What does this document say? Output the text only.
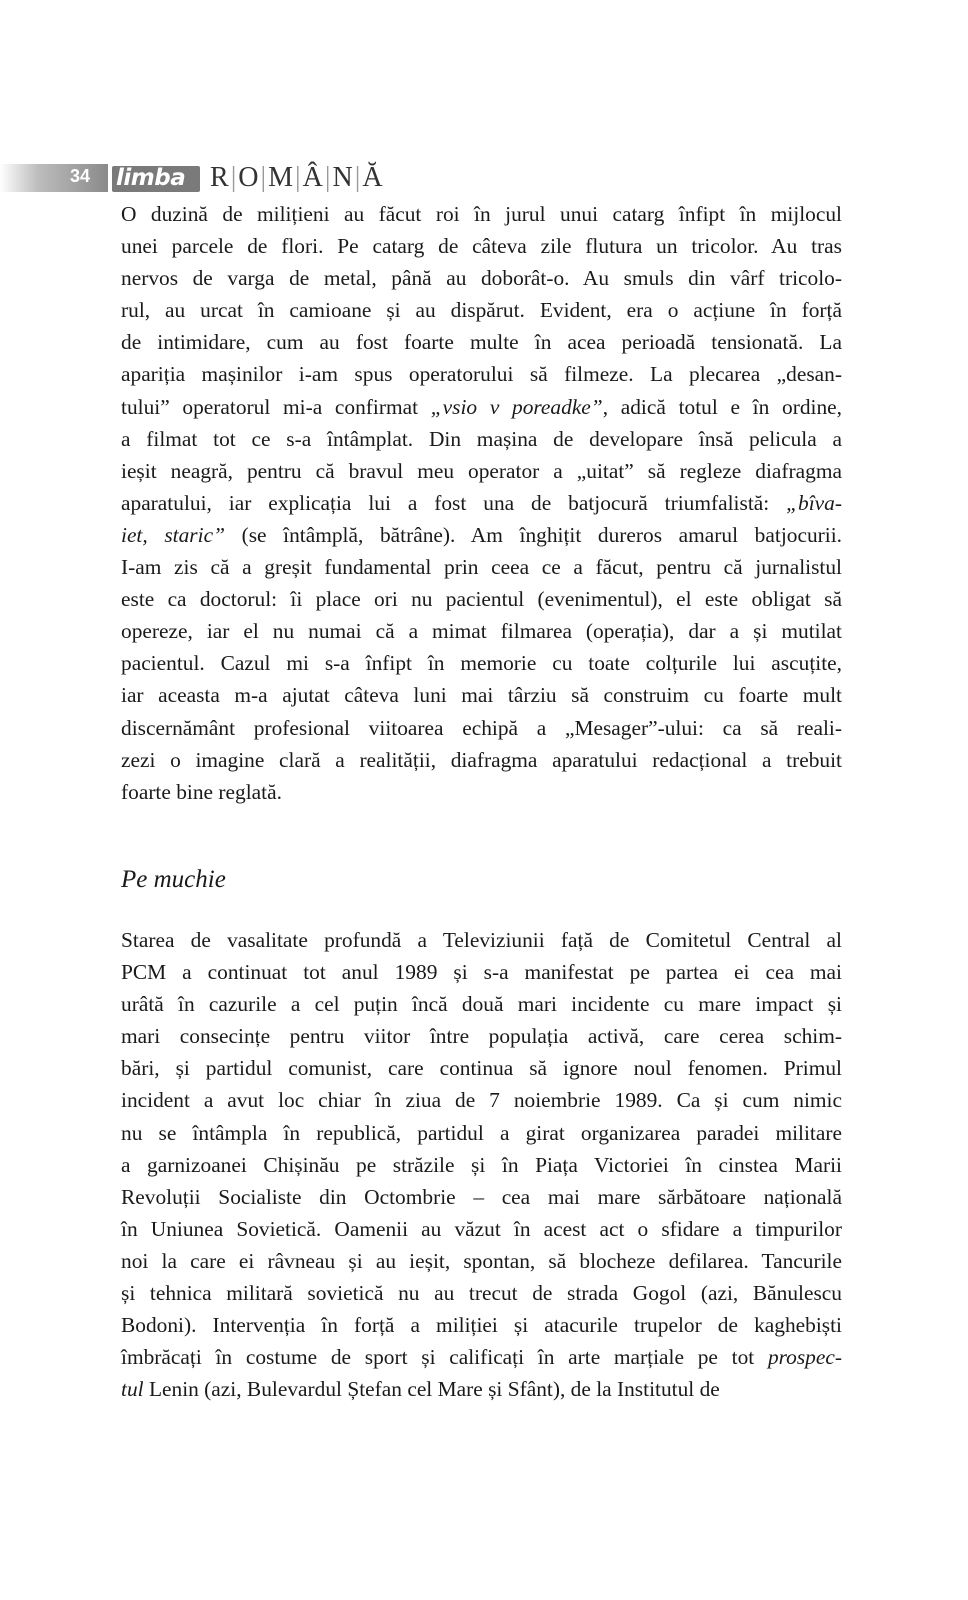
34 limba R|O|M|Â|N|Ă

O duzină de milițieni au făcut roi în jurul unui catarg înfipt în mijlocul
unei parcele de flori. Pe catarg de câteva zile flutura un tricolor. Au tras
nervos de varga de metal, până au doborât-o. Au smuls din vârf tricolo-
rul, au urcat în camioane și au dispărut. Evident, era o acțiune în forță
de intimidare, cum au fost foarte multe în acea perioadă tensionată. La
apariția mașinilor i-am spus operatorului să filmeze. La plecarea „desan-
tului” operatorul mi-a confirmat „vsio v poreadke”, adică totul e în ordine,
a filmat tot ce s-a întâmplat. Din mașina de developare însă pelicula a
ieșit neagră, pentru că bravul meu operator a „uitat” să regleze diafragma
aparatului, iar explicația lui a fost una de batjocură triumfalistă: „bîva-
iet, staric” (se întâmplă, bătrâne). Am înghițit dureros amarul batjocurii.
I-am zis că a greșit fundamental prin ceea ce a făcut, pentru că jurnalistul
este ca doctorul: îi place ori nu pacientul (evenimentul), el este obligat să
opereze, iar el nu numai că a mimat filmarea (operația), dar a și mutilat
pacientul. Cazul mi s-a înfipt în memorie cu toate colțurile lui ascuțite,
iar aceasta m-a ajutat câteva luni mai târziu să construim cu foarte mult
discernământ profesional viitoarea echipă a „Mesager”-ului: ca să reali-
zezi o imagine clară a realității, diafragma aparatului redacțional a trebuit
foarte bine reglată.

Pe muchie

Starea de vasalitate profundă a Televiziunii față de Comitetul Central al
PCM a continuat tot anul 1989 și s-a manifestat pe partea ei cea mai
urâtă în cazurile a cel puțin încă două mari incidente cu mare impact și
mari consecințe pentru viitor între populația activă, care cerea schim-
bări, și partidul comunist, care continua să ignore noul fenomen. Primul
incident a avut loc chiar în ziua de 7 noiembrie 1989. Ca și cum nimic
nu se întâmpla în republică, partidul a girat organizarea paradei militare
a garnizoanei Chișinău pe străzile și în Piața Victoriei în cinstea Marii
Revoluții Socialiste din Octombrie – cea mai mare sărbătoare națională
în Uniunea Sovietică. Oamenii au văzut în acest act o sfidare a timpurilor
noi la care ei râvneau și au ieșit, spontan, să blocheze defilarea. Tancurile
și tehnica militară sovietică nu au trecut de strada Gogol (azi, Bănulescu
Bodoni). Intervenția în forță a miliției și atacurile trupelor de kaghebiști
îmbrăcați în costume de sport și calificați în arte marțiale pe tot prospec-
tul Lenin (azi, Bulevardul Ștefan cel Mare și Sfânt), de la Institutul de
